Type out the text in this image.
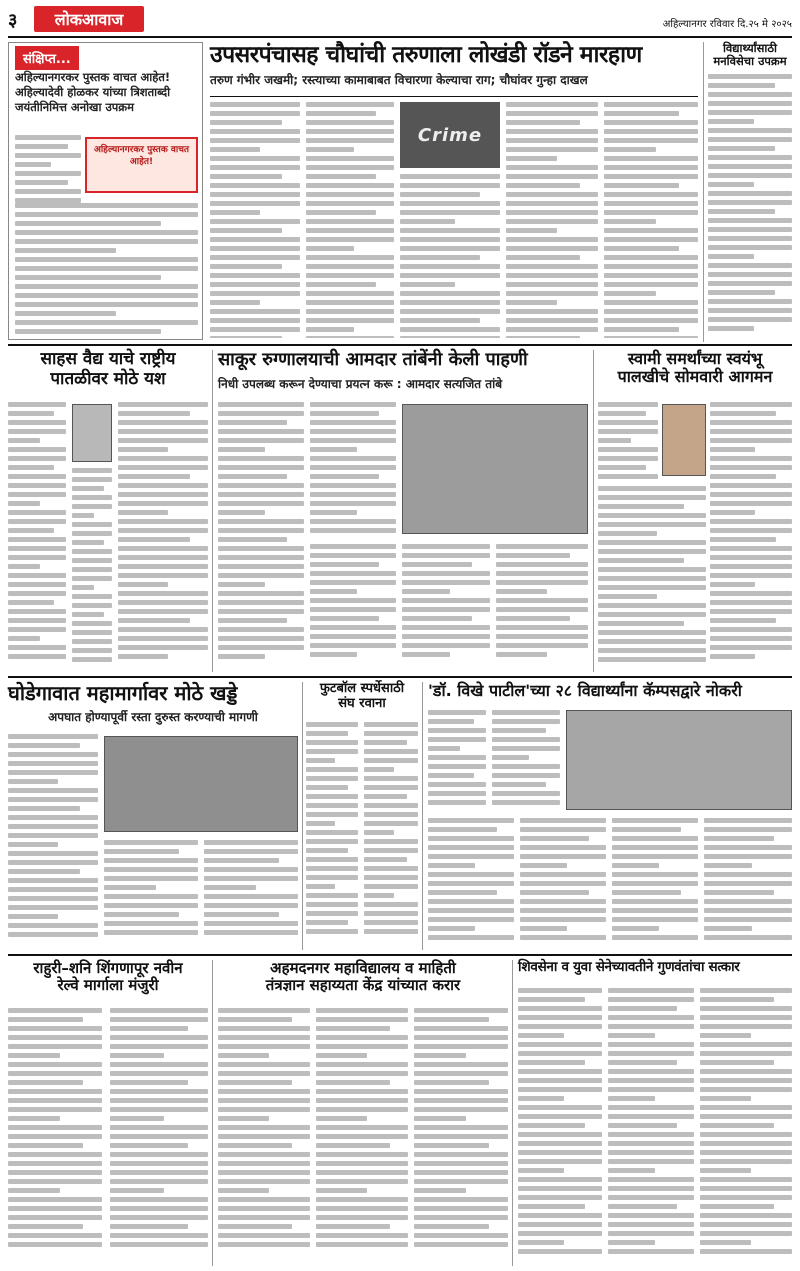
३	लोकआवाज	अहिल्यानगर रविवार दि.२५ मे २०२५
संक्षिप्त...
अहिल्यानगरकर पुस्तक वाचत आहेत!
अहिल्यादेवी होळकर यांच्या त्रिशताब्दी
जयंतीनिमित्त अनोखा उपक्रम
अहिल्यानगरकर पुस्तक वाचत आहेत!
उपसरपंचासह चौघांची तरुणाला लोखंडी रॉडने मारहाण
तरुण गंभीर जखमी; रस्त्याच्या कामाबाबत विचारणा केल्याचा राग; चौघांवर गुन्हा दाखल
Crime
विद्यार्थ्यांसाठी
मनविसेचा उपक्रम
साहस वैद्य याचे राष्ट्रीय
पातळीवर मोठे यश
साकूर रुग्णालयाची आमदार तांबेंनी केली पाहणी
निधी उपलब्ध करून देण्याचा प्रयत्न करू : आमदार सत्यजित तांबे
स्वामी समर्थांच्या स्वयंभू
पालखीचे सोमवारी आगमन
घोडेगावात महामार्गावर मोठे खड्डे
अपघात होण्यापूर्वी रस्ता दुरुस्त करण्याची मागणी
फुटबॉल स्पर्धेसाठी
संघ रवाना
'डॉ. विखे पाटील'च्या २८ विद्यार्थ्यांना कॅम्पसद्वारे नोकरी
राहुरी–शनि शिंगणापूर नवीन
रेल्वे मार्गाला मंजुरी
अहमदनगर महाविद्यालय व माहिती
तंत्रज्ञान सहाय्यता केंद्र यांच्यात करार
शिवसेना व युवा सेनेच्यावतीने गुणवंतांचा सत्कार
